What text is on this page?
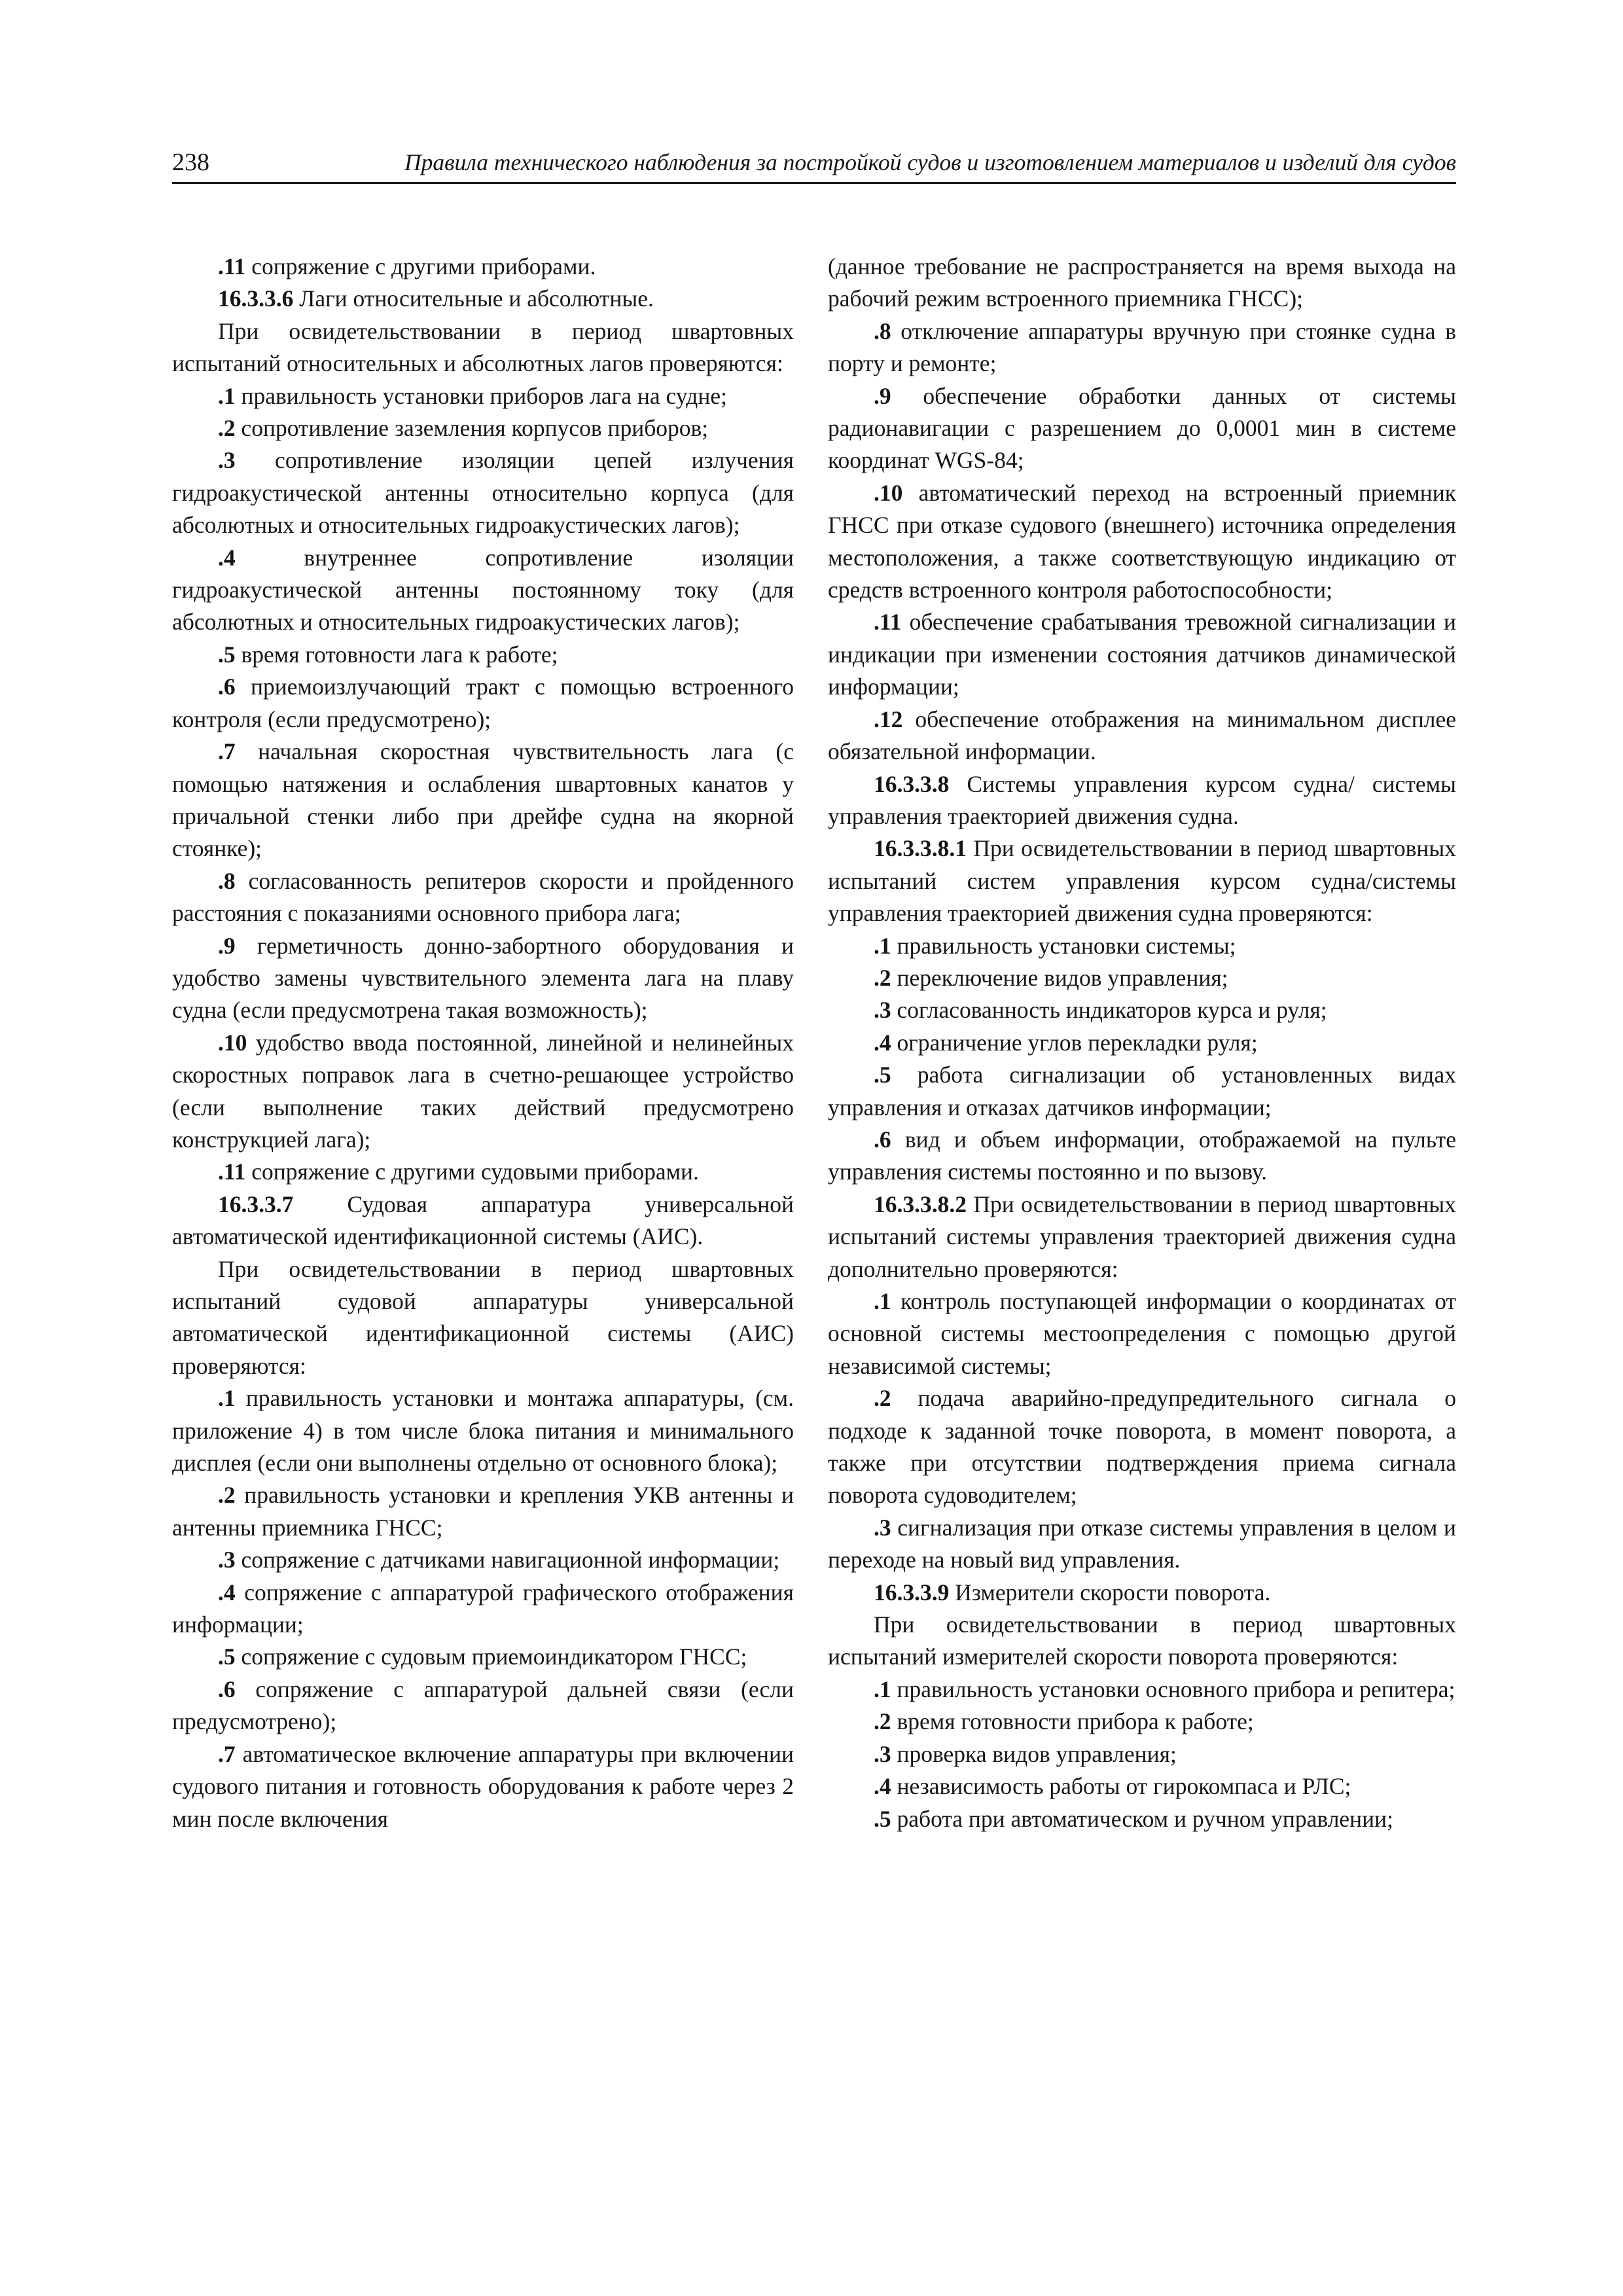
238	Правила технического наблюдения за постройкой судов и изготовлением материалов и изделий для судов

.11 сопряжение с другими приборами.

16.3.3.6 Лаги относительные и абсолютные.

При освидетельствовании в период швартовных испытаний относительных и абсолютных лагов проверяются:

.1 правильность установки приборов лага на судне;

.2 сопротивление заземления корпусов приборов;

.3 сопротивление изоляции цепей излучения гидроакустической антенны относительно корпуса (для абсолютных и относительных гидроакустических лагов);

.4 внутреннее сопротивление изоляции гидроакустической антенны постоянному току (для абсолютных и относительных гидроакустических лагов);

.5 время готовности лага к работе;

.6 приемоизлучающий тракт с помощью встроенного контроля (если предусмотрено);

.7 начальная скоростная чувствительность лага (с помощью натяжения и ослабления швартовных канатов у причальной стенки либо при дрейфе судна на якорной стоянке);

.8 согласованность репитеров скорости и пройденного расстояния с показаниями основного прибора лага;

.9 герметичность донно-забортного оборудования и удобство замены чувствительного элемента лага на плаву судна (если предусмотрена такая возможность);

.10 удобство ввода постоянной, линейной и нелинейных скоростных поправок лага в счетно-решающее устройство (если выполнение таких действий предусмотрено конструкцией лага);

.11 сопряжение с другими судовыми приборами.

16.3.3.7 Судовая аппаратура универсальной автоматической идентификационной системы (АИС).

При освидетельствовании в период швартовных испытаний судовой аппаратуры универсальной автоматической идентификационной системы (АИС) проверяются:

.1 правильность установки и монтажа аппаратуры, (см. приложение 4) в том числе блока питания и минимального дисплея (если они выполнены отдельно от основного блока);

.2 правильность установки и крепления УКВ антенны и антенны приемника ГНСС;

.3 сопряжение с датчиками навигационной информации;

.4 сопряжение с аппаратурой графического отображения информации;

.5 сопряжение с судовым приемоиндикатором ГНСС;

.6 сопряжение с аппаратурой дальней связи (если предусмотрено);

.7 автоматическое включение аппаратуры при включении судового питания и готовность оборудования к работе через 2 мин после включения

(данное требование не распространяется на время выхода на рабочий режим встроенного приемника ГНСС);

.8 отключение аппаратуры вручную при стоянке судна в порту и ремонте;

.9 обеспечение обработки данных от системы радионавигации с разрешением до 0,0001 мин в системе координат WGS-84;

.10 автоматический переход на встроенный приемник ГНСС при отказе судового (внешнего) источника определения местоположения, а также соответствующую индикацию от средств встроенного контроля работоспособности;

.11 обеспечение срабатывания тревожной сигнализации и индикации при изменении состояния датчиков динамической информации;

.12 обеспечение отображения на минимальном дисплее обязательной информации.

16.3.3.8 Системы управления курсом судна/ системы управления траекторией движения судна.

16.3.3.8.1 При освидетельствовании в период швартовных испытаний систем управления курсом судна/системы управления траекторией движения судна проверяются:

.1 правильность установки системы;

.2 переключение видов управления;

.3 согласованность индикаторов курса и руля;

.4 ограничение углов перекладки руля;

.5 работа сигнализации об установленных видах управления и отказах датчиков информации;

.6 вид и объем информации, отображаемой на пульте управления системы постоянно и по вызову.

16.3.3.8.2 При освидетельствовании в период швартовных испытаний системы управления траекторией движения судна дополнительно проверяются:

.1 контроль поступающей информации о координатах от основной системы местоопределения с помощью другой независимой системы;

.2 подача аварийно-предупредительного сигнала о подходе к заданной точке поворота, в момент поворота, а также при отсутствии подтверждения приема сигнала поворота судоводителем;

.3 сигнализация при отказе системы управления в целом и переходе на новый вид управления.

16.3.3.9 Измерители скорости поворота.

При освидетельствовании в период швартовных испытаний измерителей скорости поворота проверяются:

.1 правильность установки основного прибора и репитера;

.2 время готовности прибора к работе;

.3 проверка видов управления;

.4 независимость работы от гирокомпаса и РЛС;

.5 работа при автоматическом и ручном управлении;
